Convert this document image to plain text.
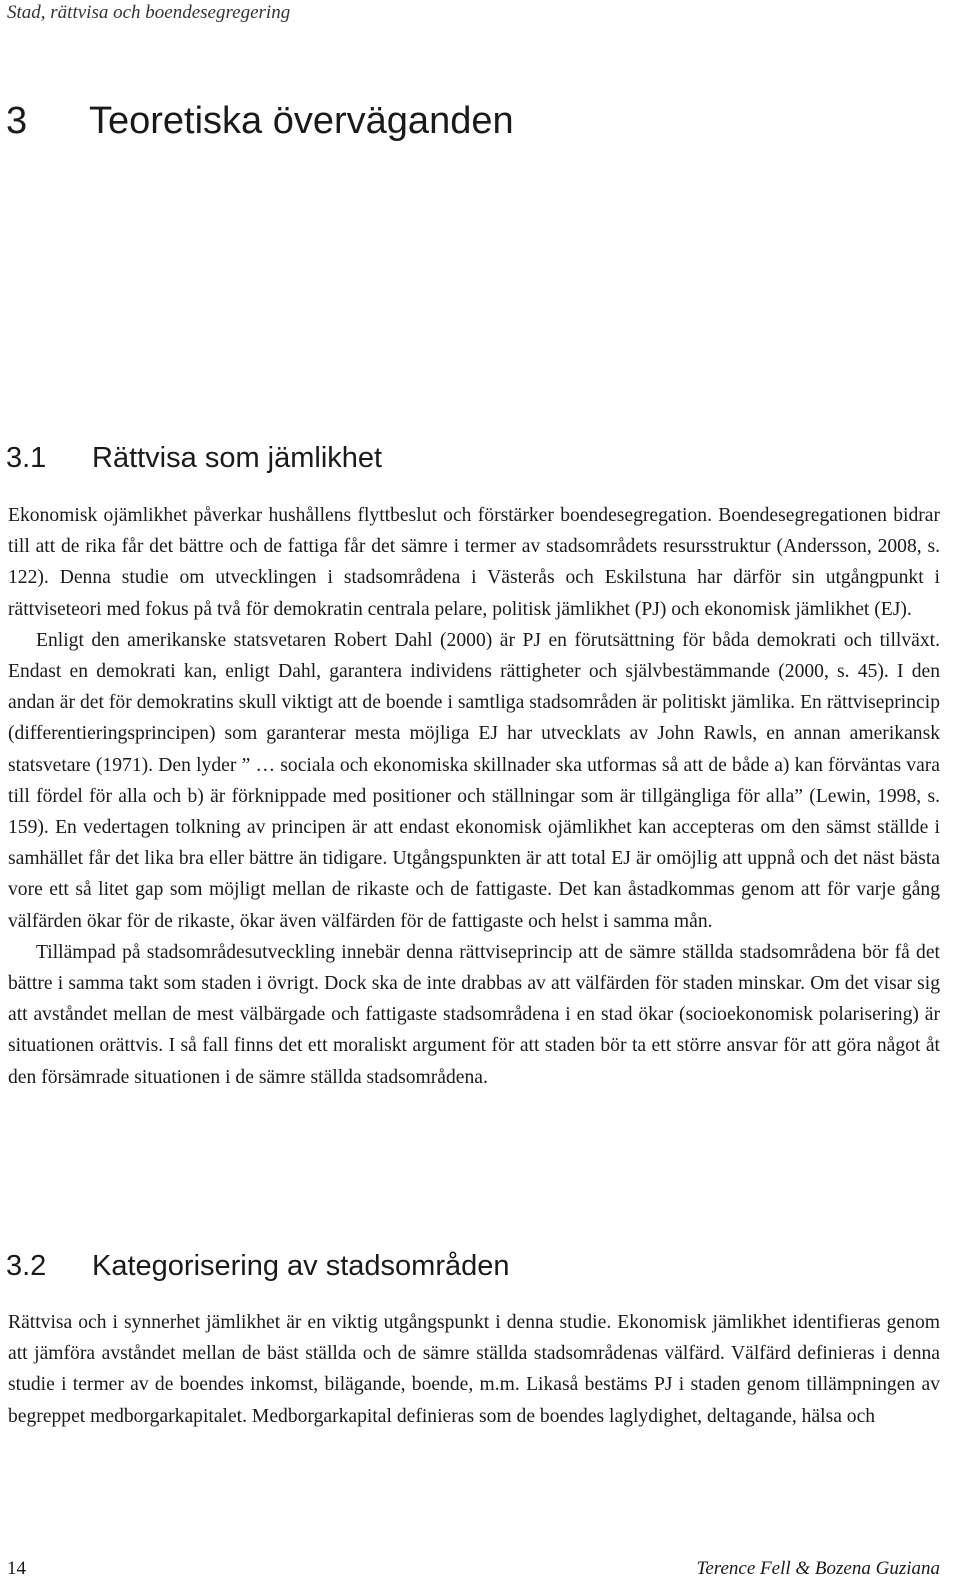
Stad, rättvisa och boendesegregering
3 Teoretiska överväganden
3.1 Rättvisa som jämlikhet

Ekonomisk ojämlikhet påverkar hushållens flyttbeslut och förstärker boendesegregation. Boendesegregationen bidrar till att de rika får det bättre och de fattiga får det sämre i termer av stadsområdets resursstruktur (Andersson, 2008, s. 122). Denna studie om utvecklingen i stadsområdena i Västerås och Eskilstuna har därför sin utgångpunkt i rättviseteori med fokus på två för demokratin centrala pelare, politisk jämlikhet (PJ) och ekonomisk jämlikhet (EJ).

Enligt den amerikanske statsvetaren Robert Dahl (2000) är PJ en förutsättning för båda demokrati och tillväxt. Endast en demokrati kan, enligt Dahl, garantera individens rättigheter och självbestämmande (2000, s. 45). I den andan är det för demokratins skull viktigt att de boende i samtliga stadsområden är politiskt jämlika. En rättviseprincip (differentieringsprincipen) som garanterar mesta möjliga EJ har utvecklats av John Rawls, en annan amerikansk statsvetare (1971). Den lyder ” … sociala och ekonomiska skillnader ska utformas så att de både a) kan förväntas vara till fördel för alla och b) är förknippade med positioner och ställningar som är tillgängliga för alla” (Lewin, 1998, s. 159). En vedertagen tolkning av principen är att endast ekonomisk ojämlikhet kan accepteras om den sämst ställde i samhället får det lika bra eller bättre än tidigare. Utgångspunkten är att total EJ är omöjlig att uppnå och det näst bästa vore ett så litet gap som möjligt mellan de rikaste och de fattigaste. Det kan åstadkommas genom att för varje gång välfärden ökar för de rikaste, ökar även välfärden för de fattigaste och helst i samma mån.

Tillämpad på stadsområdesutveckling innebär denna rättviseprincip att de sämre ställda stadsområdena bör få det bättre i samma takt som staden i övrigt. Dock ska de inte drabbas av att välfärden för staden minskar. Om det visar sig att avståndet mellan de mest välbärgade och fattigaste stadsområdena i en stad ökar (socioekonomisk polarisering) är situationen orättvis. I så fall finns det ett moraliskt argument för att staden bör ta ett större ansvar för att göra något åt den försämrade situationen i de sämre ställda stadsområdena.

3.2 Kategorisering av stadsområden

Rättvisa och i synnerhet jämlikhet är en viktig utgångspunkt i denna studie. Ekonomisk jämlikhet identifieras genom att jämföra avståndet mellan de bäst ställda och de sämre ställda stadsområdenas välfärd. Välfärd definieras i denna studie i termer av de boendes inkomst, bilägande, boende, m.m. Likaså bestäms PJ i staden genom tillämpningen av begreppet medborgarkapitalet. Medborgarkapital definieras som de boendes laglydighet, deltagande, hälsa och

14	Terence Fell & Bozena Guziana
